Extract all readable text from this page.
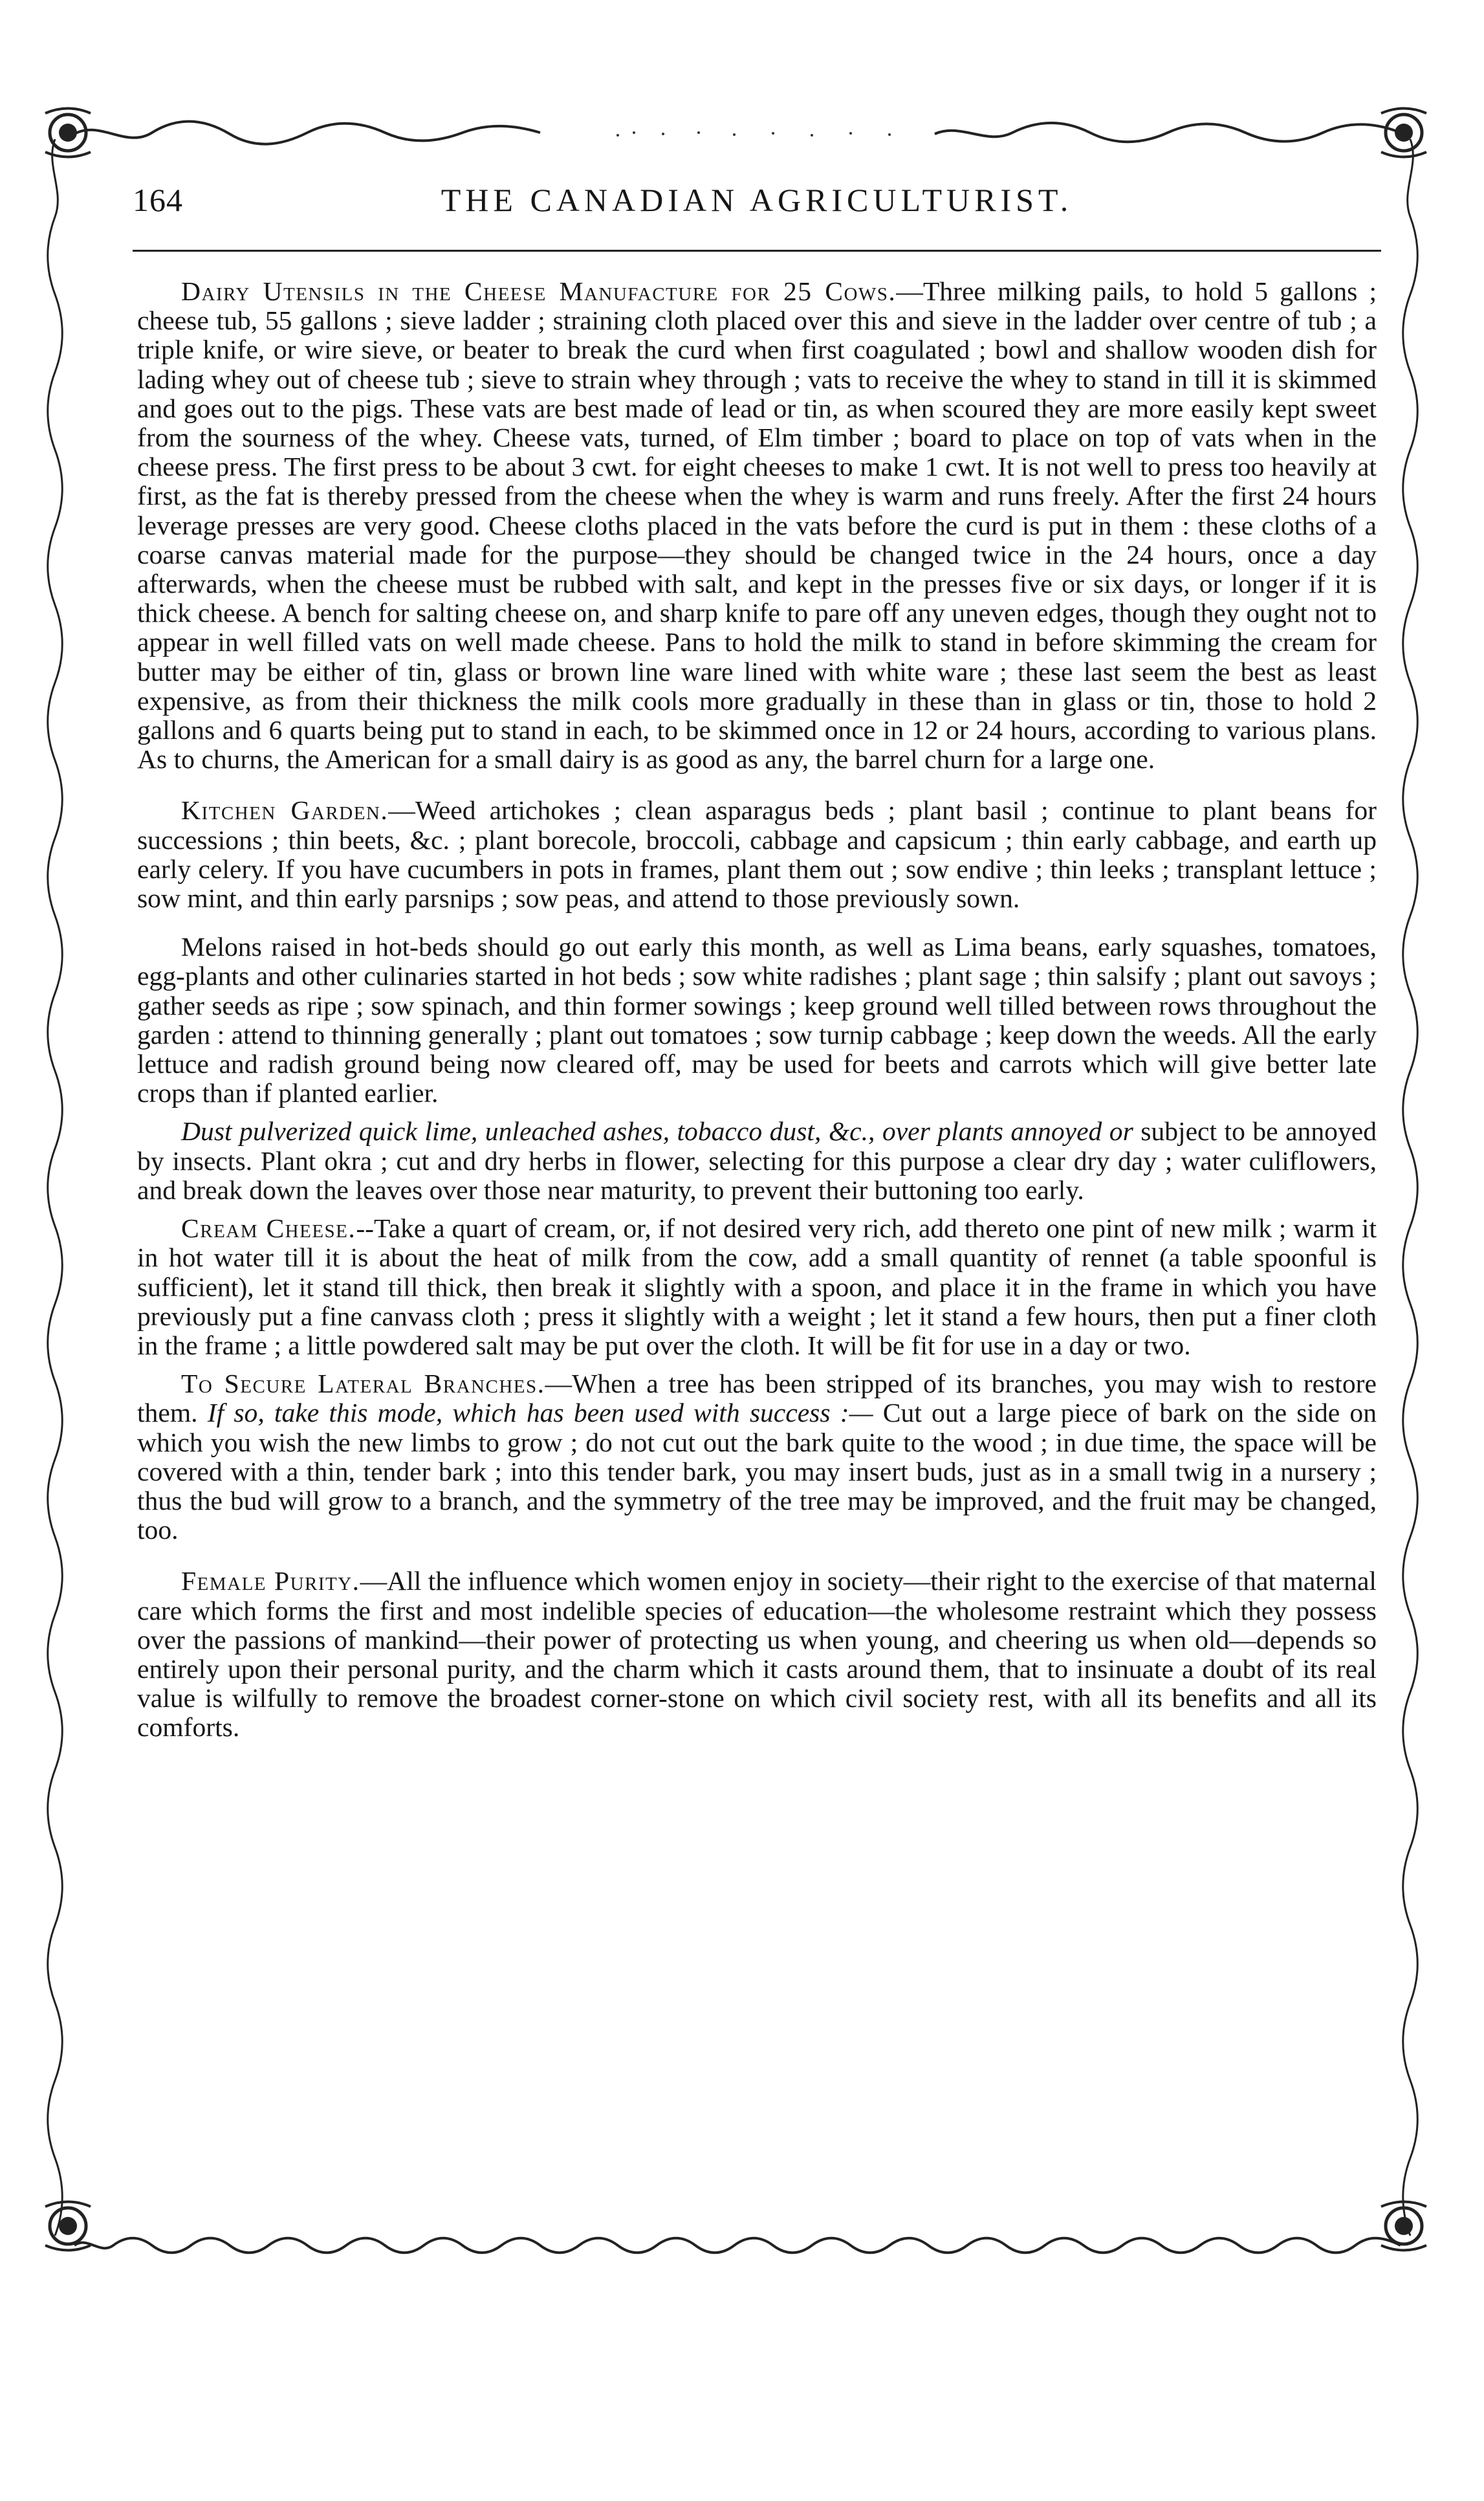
164	THE CANADIAN AGRICULTURIST.

Dairy Utensils in the Cheese Manufacture for 25 Cows.—Three milking pails, to hold 5 gallons ; cheese tub, 55 gallons ; sieve ladder ; straining cloth placed over this and sieve in the ladder over centre of tub ; a triple knife, or wire sieve, or beater to break the curd when first coagulated ; bowl and shallow wooden dish for lading whey out of cheese tub ; sieve to strain whey through ; vats to receive the whey to stand in till it is skimmed and goes out to the pigs. These vats are best made of lead or tin, as when scoured they are more easily kept sweet from the sourness of the whey. Cheese vats, turned, of Elm timber ; board to place on top of vats when in the cheese press. The first press to be about 3 cwt. for eight cheeses to make 1 cwt. It is not well to press too heavily at first, as the fat is thereby pressed from the cheese when the whey is warm and runs freely. After the first 24 hours leverage presses are very good. Cheese cloths placed in the vats before the curd is put in them : these cloths of a coarse canvas material made for the purpose—they should be changed twice in the 24 hours, once a day afterwards, when the cheese must be rubbed with salt, and kept in the presses five or six days, or longer if it is thick cheese. A bench for salting cheese on, and sharp knife to pare off any uneven edges, though they ought not to appear in well filled vats on well made cheese. Pans to hold the milk to stand in before skimming the cream for butter may be either of tin, glass or brown line ware lined with white ware ; these last seem the best as least expensive, as from their thickness the milk cools more gradually in these than in glass or tin, those to hold 2 gallons and 6 quarts being put to stand in each, to be skimmed once in 12 or 24 hours, according to various plans. As to churns, the American for a small dairy is as good as any, the barrel churn for a large one.

Kitchen Garden.—Weed artichokes ; clean asparagus beds ; plant basil ; continue to plant beans for successions ; thin beets, &c. ; plant borecole, broccoli, cabbage and capsicum ; thin early cabbage, and earth up early celery. If you have cucumbers in pots in frames, plant them out ; sow endive ; thin leeks ; transplant lettuce ; sow mint, and thin early parsnips ; sow peas, and attend to those previously sown.

Melons raised in hot-beds should go out early this month, as well as Lima beans, early squashes, tomatoes, egg-plants and other culinaries started in hot beds ; sow white radishes ; plant sage ; thin salsify ; plant out savoys ; gather seeds as ripe ; sow spinach, and thin former sowings ; keep ground well tilled between rows throughout the garden : attend to thinning generally ; plant out tomatoes ; sow turnip cabbage ; keep down the weeds. All the early lettuce and radish ground being now cleared off, may be used for beets and carrots which will give better late crops than if planted earlier.

Dust pulverized quick lime, unleached ashes, tobacco dust, &c., over plants annoyed or subject to be annoyed by insects. Plant okra ; cut and dry herbs in flower, selecting for this purpose a clear dry day ; water culiflowers, and break down the leaves over those near maturity, to prevent their buttoning too early.

Cream Cheese.--Take a quart of cream, or, if not desired very rich, add thereto one pint of new milk ; warm it in hot water till it is about the heat of milk from the cow, add a small quantity of rennet (a table spoonful is sufficient), let it stand till thick, then break it slightly with a spoon, and place it in the frame in which you have previously put a fine canvass cloth ; press it slightly with a weight ; let it stand a few hours, then put a finer cloth in the frame ; a little powdered salt may be put over the cloth. It will be fit for use in a day or two.

To Secure Lateral Branches.—When a tree has been stripped of its branches, you may wish to restore them. If so, take this mode, which has been used with success :— Cut out a large piece of bark on the side on which you wish the new limbs to grow ; do not cut out the bark quite to the wood ; in due time, the space will be covered with a thin, tender bark ; into this tender bark, you may insert buds, just as in a small twig in a nursery ; thus the bud will grow to a branch, and the symmetry of the tree may be improved, and the fruit may be changed, too.

Female Purity.—All the influence which women enjoy in society—their right to the exercise of that maternal care which forms the first and most indelible species of education—the wholesome restraint which they possess over the passions of mankind—their power of protecting us when young, and cheering us when old—depends so entirely upon their personal purity, and the charm which it casts around them, that to insinuate a doubt of its real value is wilfully to remove the broadest corner-stone on which civil society rest, with all its benefits and all its comforts.
